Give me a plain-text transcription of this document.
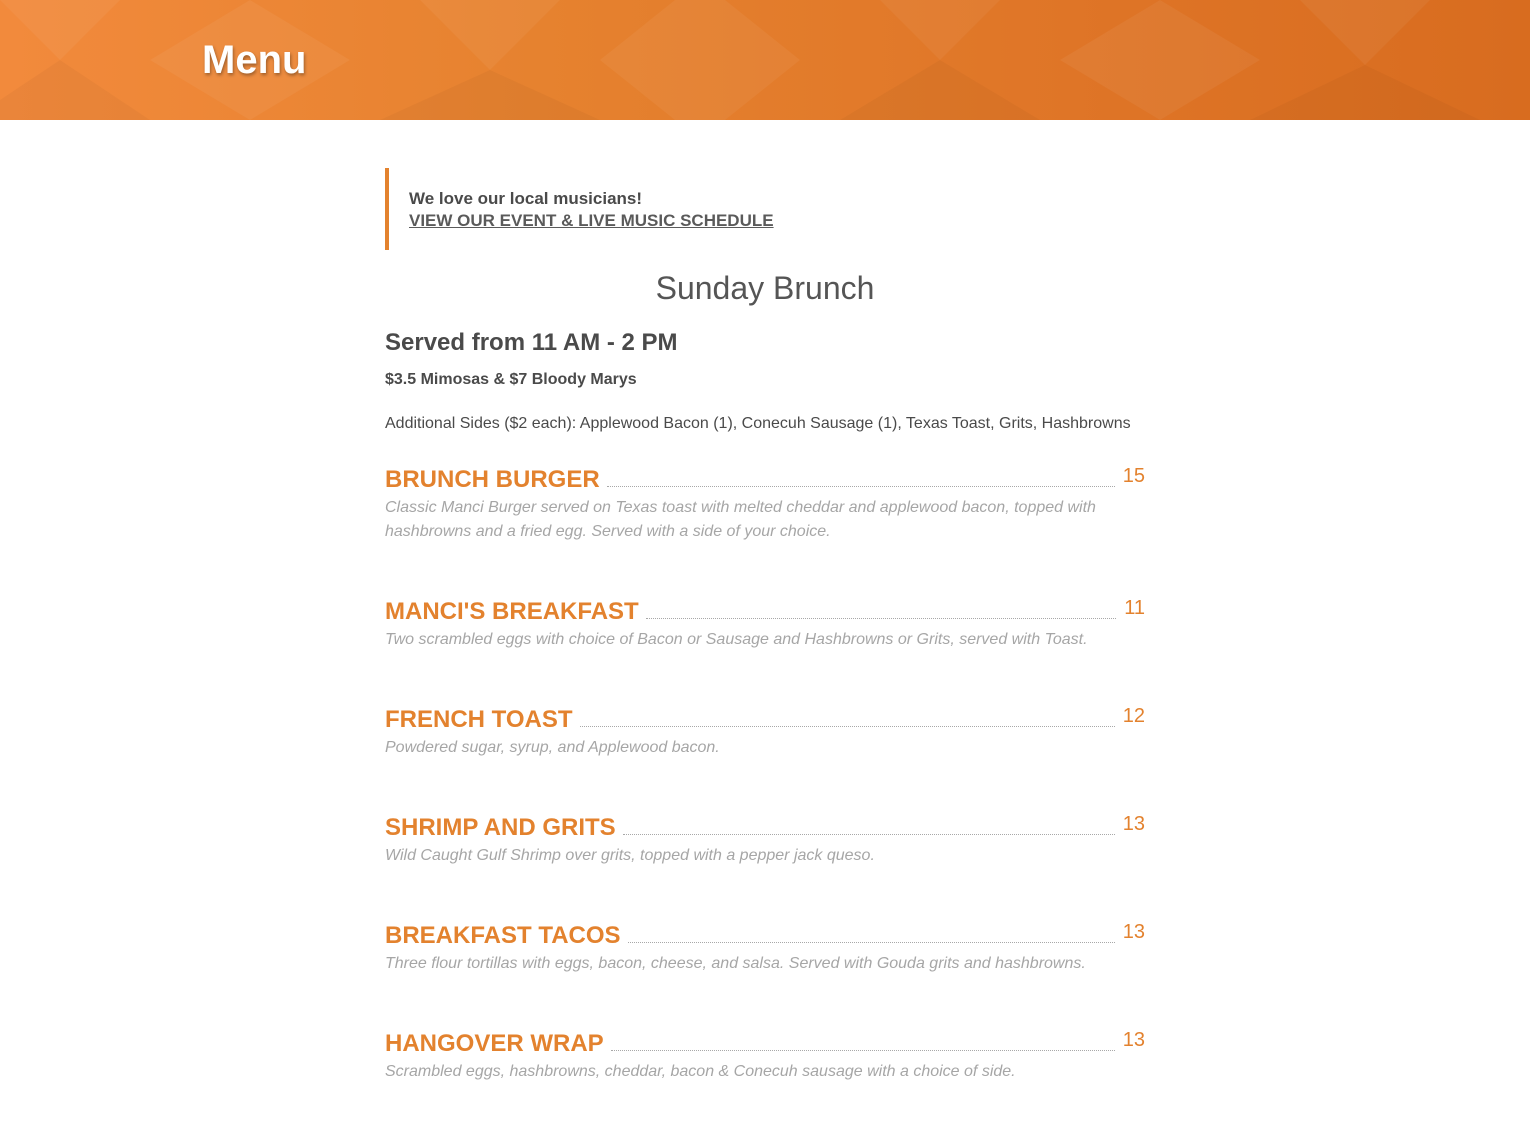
Menu
We love our local musicians!
VIEW OUR EVENT & LIVE MUSIC SCHEDULE
Sunday Brunch
Served from 11 AM - 2 PM
$3.5 Mimosas & $7 Bloody Marys
Additional Sides ($2 each): Applewood Bacon (1), Conecuh Sausage (1), Texas Toast, Grits, Hashbrowns
BRUNCH BURGER	15
Classic Manci Burger served on Texas toast with melted cheddar and applewood bacon, topped with hashbrowns and a fried egg. Served with a side of your choice.
MANCI'S BREAKFAST	11
Two scrambled eggs with choice of Bacon or Sausage and Hashbrowns or Grits, served with Toast.
FRENCH TOAST	12
Powdered sugar, syrup, and Applewood bacon.
SHRIMP AND GRITS	13
Wild Caught Gulf Shrimp over grits, topped with a pepper jack queso.
BREAKFAST TACOS	13
Three flour tortillas with eggs, bacon, cheese, and salsa. Served with Gouda grits and hashbrowns.
HANGOVER WRAP	13
Scrambled eggs, hashbrowns, cheddar, bacon & Conecuh sausage with a choice of side.
